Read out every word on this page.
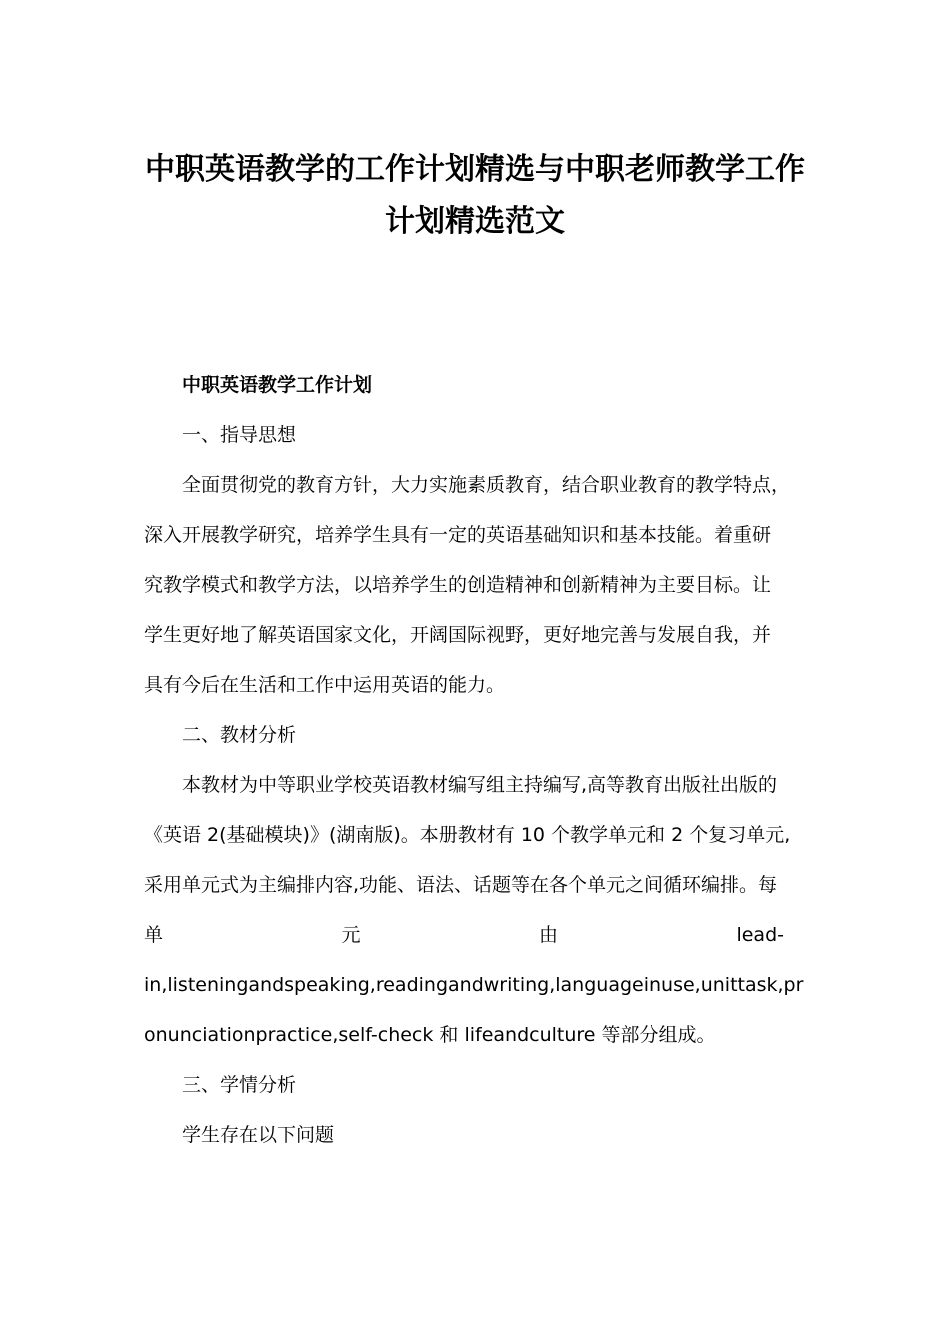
中职英语教学的工作计划精选与中职老师教学工作
计划精选范文

中职英语教学工作计划

一、指导思想

全面贯彻党的教育方针，大力实施素质教育，结合职业教育的教学特点，

深入开展教学研究，培养学生具有一定的英语基础知识和基本技能。着重研

究教学模式和教学方法，以培养学生的创造精神和创新精神为主要目标。让

学生更好地了解英语国家文化，开阔国际视野，更好地完善与发展自我，并

具有今后在生活和工作中运用英语的能力。

二、教材分析

本教材为中等职业学校英语教材编写组主持编写,高等教育出版社出版的

《英语 2(基础模块)》(湖南版)。本册教材有 10 个教学单元和 2 个复习单元,

采用单元式为主编排内容,功能、语法、话题等在各个单元之间循环编排。每

单	元	由	lead-

in,listeningandspeaking,readingandwriting,languageinuse,unittask,pr

onunciationpractice,self-check 和 lifeandculture 等部分组成。

三、学情分析

学生存在以下问题
